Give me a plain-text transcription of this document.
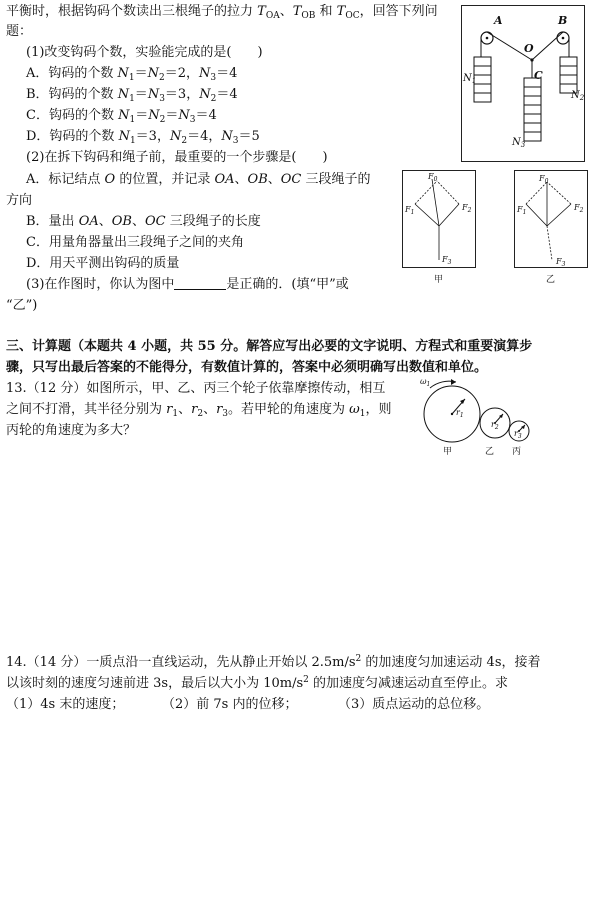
平衡时，根据钩码个数读出三根绳子的拉力 $T_{OA}$、$T_{OB}$ 和 $T_{OC}$，回答下列问
题：
(1)改变钩码个数，实验能完成的是(　　)
A．钩码的个数 $N_1=N_2=2$，$N_3=4$
B．钩码的个数 $N_1=N_3=3$，$N_2=4$
C．钩码的个数 $N_1=N_2=N_3=4$
D．钩码的个数 $N_1=3$，$N_2=4$，$N_3=5$
(2)在拆下钩码和绳子前，最重要的一个步骤是(　　)
A．标记结点 O 的位置，并记录 OA、OB、OC 三段绳子的
方向
B．量出 OA、OB、OC 三段绳子的长度
C．用量角器量出三段绳子之间的夹角
D．用天平测出钩码的质量
(3)在作图时，你认为图中	是正确的．(填“甲”或
“乙”)
A	B
O
C
$N_1$
$N_2$
$N_3$
$F_0$
$F_1$
$F_2$
$F_3$
甲
$F_0$
$F_1$
$F_2$
$F_3$
乙
三、计算题（本题共 4 小题，共 55 分。解答应写出必要的文字说明、方程式和重要演算步
骤，只写出最后答案的不能得分，有数值计算的，答案中必须明确写出数值和单位。
13.（12 分）如图所示，甲、乙、丙三个轮子依靠摩擦传动，相互
之间不打滑，其半径分别为 $r_1$、$r_2$、$r_3$。若甲轮的角速度为 $\omega_1$，则
丙轮的角速度为多大？
$\omega_1$
$r_1$
$r_2$
$r_3$
甲	乙 丙
14.（14 分）一质点沿一直线运动，先从静止开始以 $2.5m/s^2$ 的加速度匀加速运动 4s，接着
以该时刻的速度匀速前进 3s，最后以大小为 $10m/s^2$ 的加速度匀减速运动直至停止。求
（1）4s 末的速度；	（2）前 7s 内的位移；	（3）质点运动的总位移。
